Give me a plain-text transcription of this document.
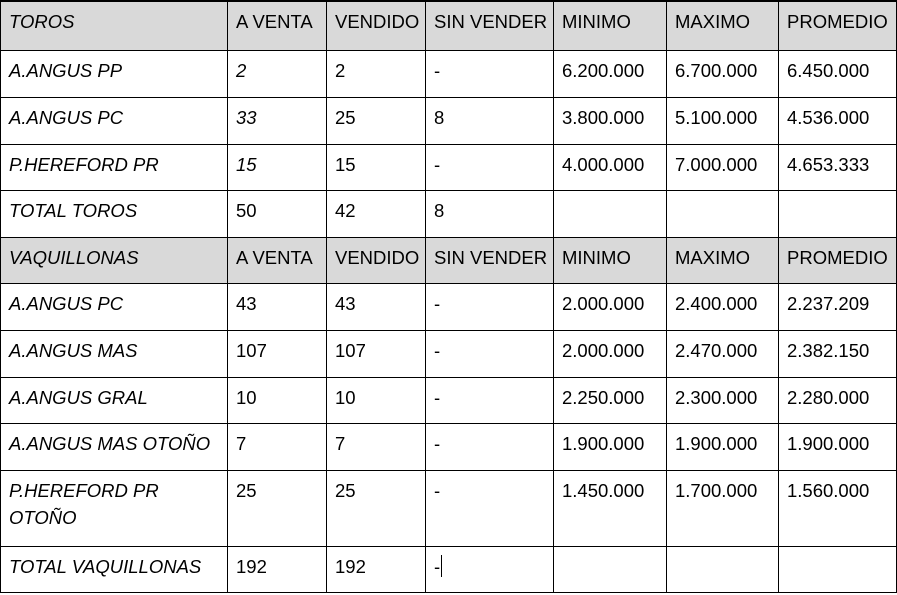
TOROS	A VENTA	VENDIDO	SIN VENDER	MINIMO	MAXIMO	PROMEDIO
A.ANGUS PP	2	2	-	6.200.000	6.700.000	6.450.000
A.ANGUS PC	33	25	8	3.800.000	5.100.000	4.536.000
P.HEREFORD PR	15	15	-	4.000.000	7.000.000	4.653.333
TOTAL TOROS	50	42	8			
VAQUILLONAS	A VENTA	VENDIDO	SIN VENDER	MINIMO	MAXIMO	PROMEDIO
A.ANGUS PC	43	43	-	2.000.000	2.400.000	2.237.209
A.ANGUS MAS	107	107	-	2.000.000	2.470.000	2.382.150
A.ANGUS GRAL	10	10	-	2.250.000	2.300.000	2.280.000
A.ANGUS MAS OTOÑO	7	7	-	1.900.000	1.900.000	1.900.000
P.HEREFORD PR OTOÑO	25	25	-	1.450.000	1.700.000	1.560.000
TOTAL VAQUILLONAS	192	192	-			
